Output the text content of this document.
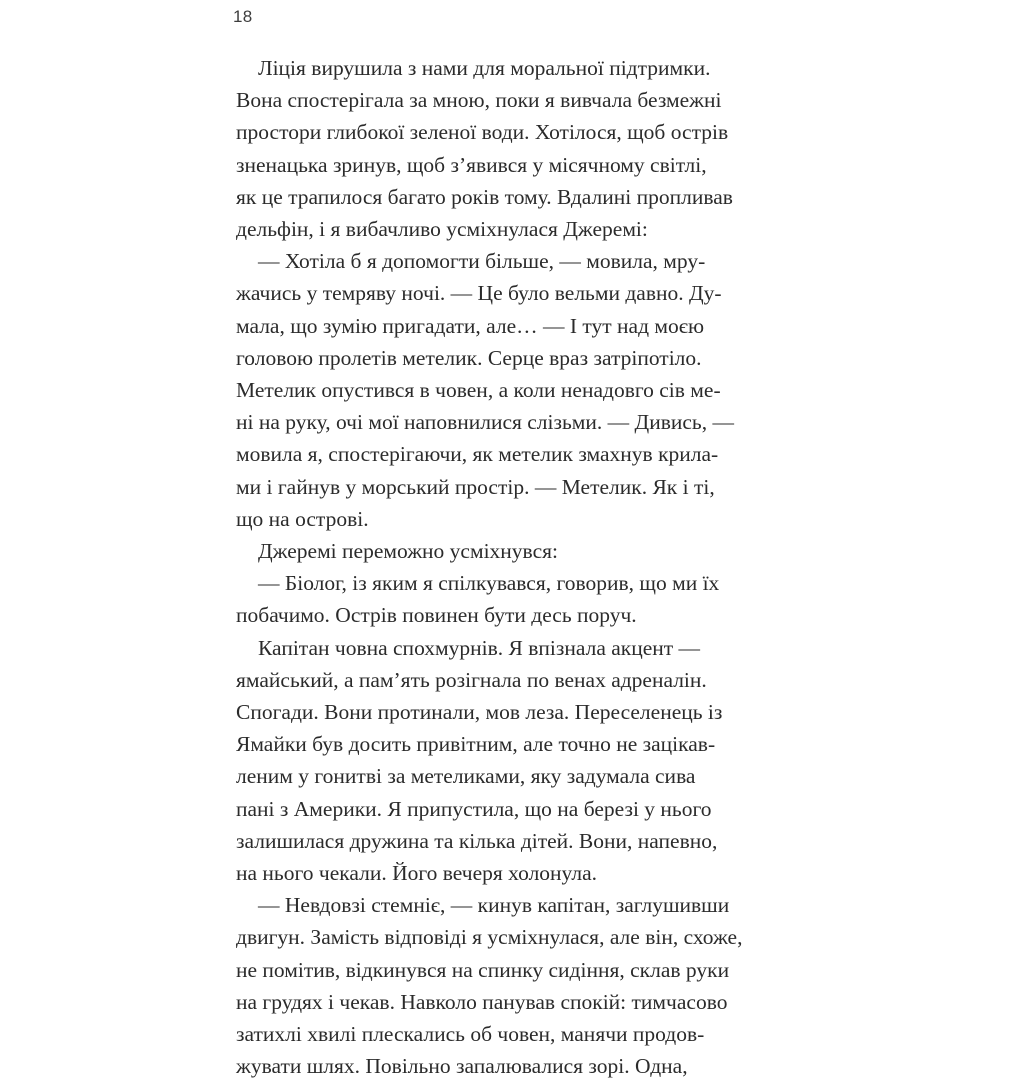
18

Ліція вирушила з нами для моральної підтримки.
Вона спостерігала за мною, поки я вивчала безмежні
простори глибокої зеленої води. Хотілося, щоб острів
зненацька зринув, щоб з’явився у місячному світлі,
як це трапилося багато років тому. Вдалині пропливав
дельфін, і я вибачливо усміхнулася Джеремі:

— Хотіла б я допомогти більше, — мовила, мру-
жачись у темряву ночі. — Це було вельми давно. Ду-
мала, що зумію пригадати, але… — І тут над моєю
головою пролетів метелик. Серце враз затріпотіло.
Метелик опустився в човен, а коли ненадовго сів ме-
ні на руку, очі мої наповнилися слізьми. — Дивись, —
мовила я, спостерігаючи, як метелик змахнув крила-
ми і гайнув у морський простір. — Метелик. Як і ті,
що на острові.

Джеремі переможно усміхнувся:

— Біолог, із яким я спілкувався, говорив, що ми їх
побачимо. Острів повинен бути десь поруч.

Капітан човна спохмурнів. Я впізнала акцент —
ямайський, а пам’ять розігнала по венах адреналін.
Спогади. Вони протинали, мов леза. Переселенець із
Ямайки був досить привітним, але точно не зацікав-
леним у гонитві за метеликами, яку задумала сива
пані з Америки. Я припустила, що на березі у нього
залишилася дружина та кілька дітей. Вони, напевно,
на нього чекали. Його вечеря холонула.

— Невдовзі стемніє, — кинув капітан, заглушивши
двигун. Замість відповіді я усміхнулася, але він, схоже,
не помітив, відкинувся на спинку сидіння, склав руки
на грудях і чекав. Навколо панував спокій: тимчасово
затихлі хвилі плескались об човен, манячи продов-
жувати шлях. Повільно запалювалися зорі. Одна,
